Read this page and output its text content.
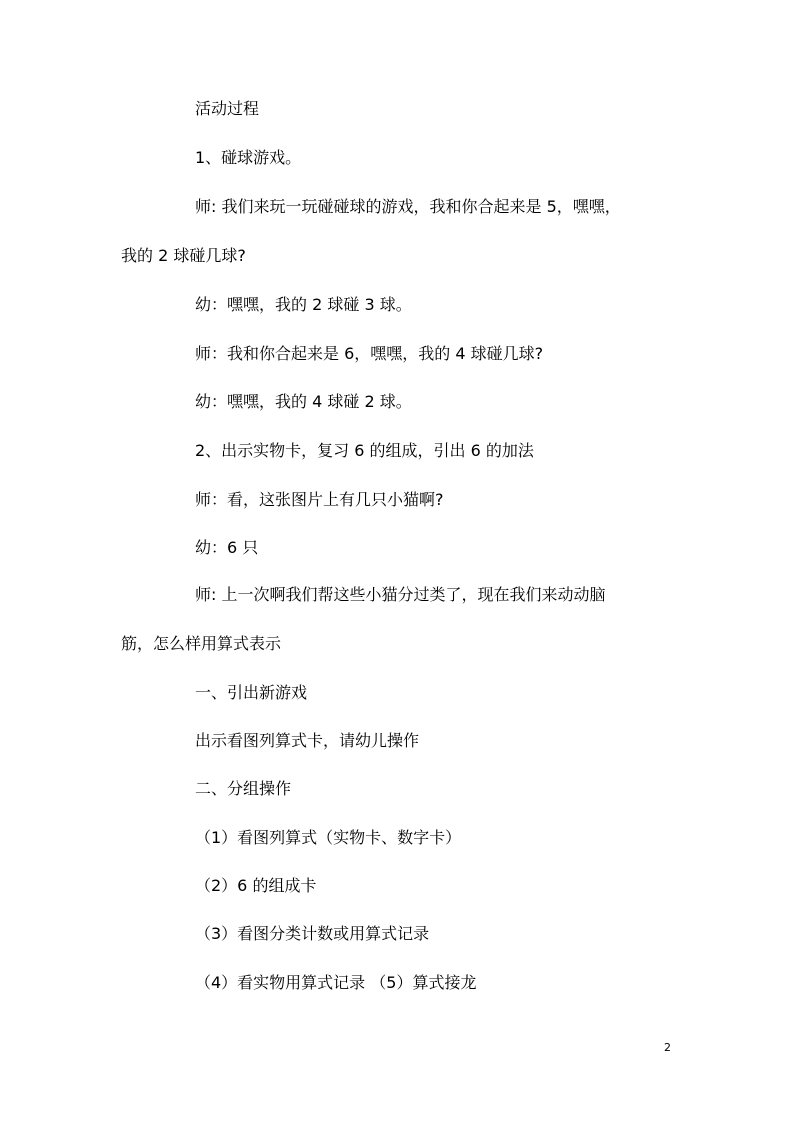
活动过程
1、碰球游戏。
师: 我们来玩一玩碰碰球的游戏，我和你合起来是 5，嘿嘿，
我的 2 球碰几球?
幼：嘿嘿，我的 2 球碰 3 球。
师：我和你合起来是 6，嘿嘿，我的 4 球碰几球?
幼：嘿嘿，我的 4 球碰 2 球。
2、出示实物卡，复习 6 的组成，引出 6 的加法
师：看，这张图片上有几只小猫啊?
幼：6 只
师: 上一次啊我们帮这些小猫分过类了，现在我们来动动脑
筋，怎么样用算式表示
一、引出新游戏
出示看图列算式卡，请幼儿操作
二、分组操作
（1）看图列算式（实物卡、数字卡）
（2）6 的组成卡
（3）看图分类计数或用算式记录
（4）看实物用算式记录 （5）算式接龙
2
